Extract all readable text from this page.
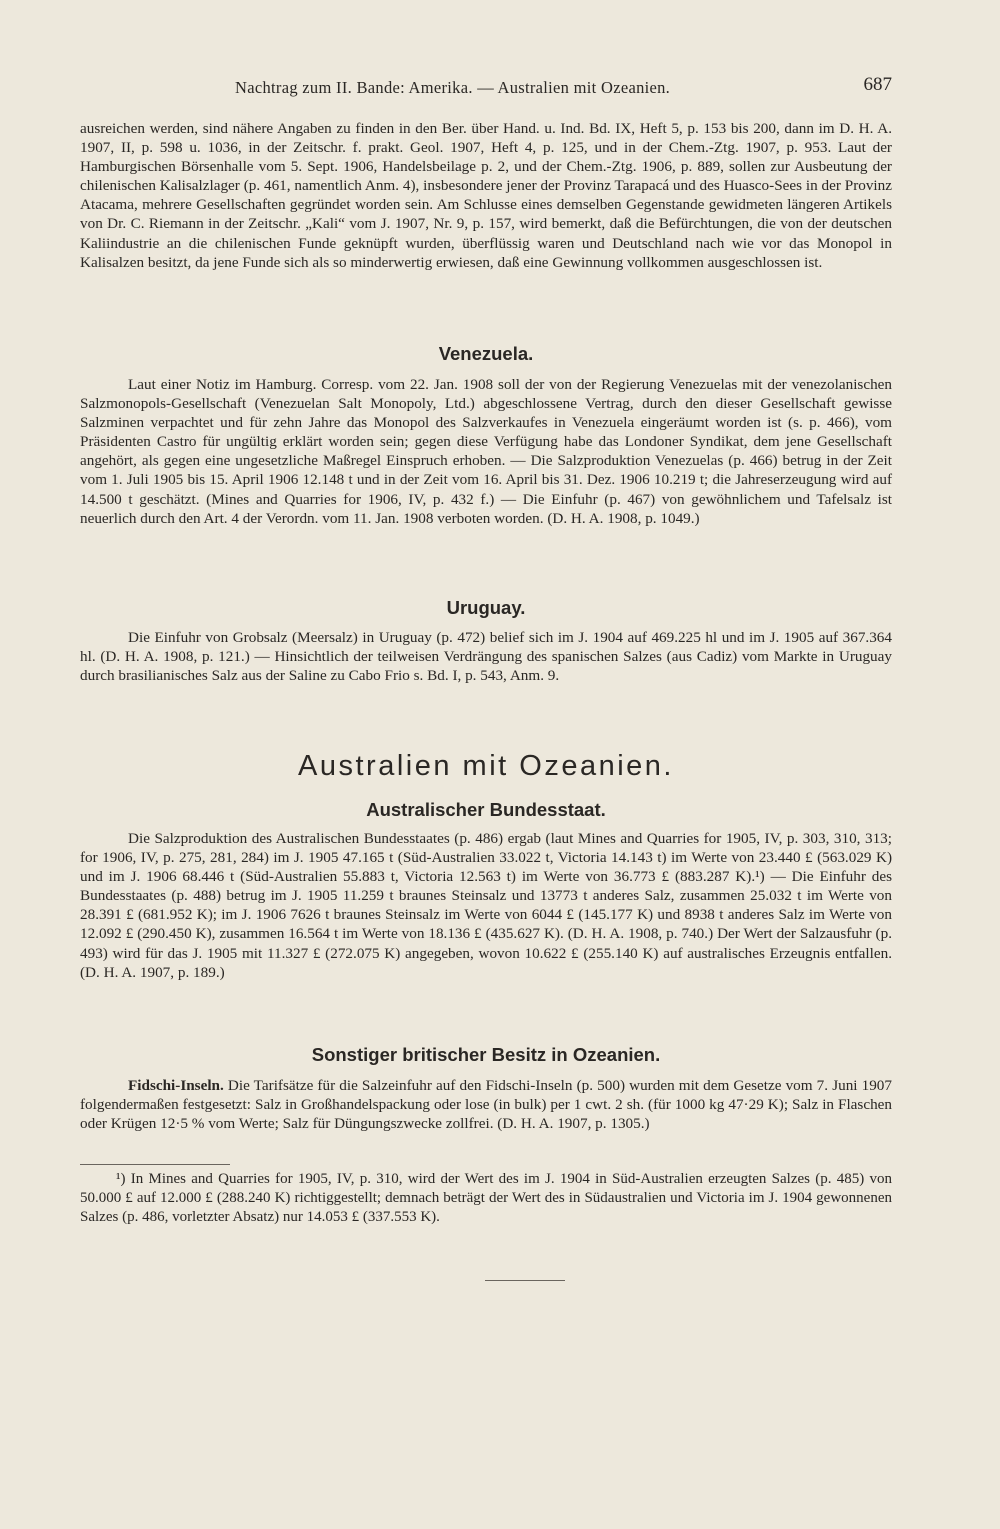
Nachtrag zum II. Bande: Amerika. — Australien mit Ozeanien.	687

ausreichen werden, sind nähere Angaben zu finden in den Ber. über Hand. u. Ind. Bd. IX, Heft 5, p. 153 bis 200, dann im D. H. A. 1907, II, p. 598 u. 1036, in der Zeitschr. f. prakt. Geol. 1907, Heft 4, p. 125, und in der Chem.-Ztg. 1907, p. 953. Laut der Hamburgischen Börsenhalle vom 5. Sept. 1906, Handelsbeilage p. 2, und der Chem.-Ztg. 1906, p. 889, sollen zur Ausbeutung der chilenischen Kalisalzlager (p. 461, namentlich Anm. 4), insbesondere jener der Provinz Tarapacá und des Huasco-Sees in der Provinz Atacama, mehrere Gesellschaften gegründet worden sein. Am Schlusse eines demselben Gegenstande gewidmeten längeren Artikels von Dr. C. Riemann in der Zeitschr. „Kali“ vom J. 1907, Nr. 9, p. 157, wird bemerkt, daß die Befürchtungen, die von der deutschen Kaliindustrie an die chilenischen Funde geknüpft wurden, überflüssig waren und Deutschland nach wie vor das Monopol in Kalisalzen besitzt, da jene Funde sich als so minderwertig erwiesen, daß eine Gewinnung vollkommen ausgeschlossen ist.

Venezuela.

Laut einer Notiz im Hamburg. Corresp. vom 22. Jan. 1908 soll der von der Regierung Venezuelas mit der venezolanischen Salzmonopols-Gesellschaft (Venezuelan Salt Monopoly, Ltd.) abgeschlossene Vertrag, durch den dieser Gesellschaft gewisse Salzminen verpachtet und für zehn Jahre das Monopol des Salzverkaufes in Venezuela eingeräumt worden ist (s. p. 466), vom Präsidenten Castro für ungültig erklärt worden sein; gegen diese Verfügung habe das Londoner Syndikat, dem jene Gesellschaft angehört, als gegen eine ungesetzliche Maßregel Einspruch erhoben. — Die Salzproduktion Venezuelas (p. 466) betrug in der Zeit vom 1. Juli 1905 bis 15. April 1906 12.148 t und in der Zeit vom 16. April bis 31. Dez. 1906 10.219 t; die Jahreserzeugung wird auf 14.500 t geschätzt. (Mines and Quarries for 1906, IV, p. 432 f.) — Die Einfuhr (p. 467) von gewöhnlichem und Tafelsalz ist neuerlich durch den Art. 4 der Verordn. vom 11. Jan. 1908 verboten worden. (D. H. A. 1908, p. 1049.)

Uruguay.

Die Einfuhr von Grobsalz (Meersalz) in Uruguay (p. 472) belief sich im J. 1904 auf 469.225 hl und im J. 1905 auf 367.364 hl. (D. H. A. 1908, p. 121.) — Hinsichtlich der teilweisen Verdrängung des spanischen Salzes (aus Cadiz) vom Markte in Uruguay durch brasilianisches Salz aus der Saline zu Cabo Frio s. Bd. I, p. 543, Anm. 9.

Australien mit Ozeanien.
Australischer Bundesstaat.

Die Salzproduktion des Australischen Bundesstaates (p. 486) ergab (laut Mines and Quarries for 1905, IV, p. 303, 310, 313; for 1906, IV, p. 275, 281, 284) im J. 1905 47.165 t (Süd-Australien 33.022 t, Victoria 14.143 t) im Werte von 23.440 £ (563.029 K) und im J. 1906 68.446 t (Süd-Australien 55.883 t, Victoria 12.563 t) im Werte von 36.773 £ (883.287 K).¹) — Die Einfuhr des Bundesstaates (p. 488) betrug im J. 1905 11.259 t braunes Steinsalz und 13773 t anderes Salz, zusammen 25.032 t im Werte von 28.391 £ (681.952 K); im J. 1906 7626 t braunes Steinsalz im Werte von 6044 £ (145.177 K) und 8938 t anderes Salz im Werte von 12.092 £ (290.450 K), zusammen 16.564 t im Werte von 18.136 £ (435.627 K). (D. H. A. 1908, p. 740.) Der Wert der Salzausfuhr (p. 493) wird für das J. 1905 mit 11.327 £ (272.075 K) angegeben, wovon 10.622 £ (255.140 K) auf australisches Erzeugnis entfallen. (D. H. A. 1907, p. 189.)

Sonstiger britischer Besitz in Ozeanien.

Fidschi-Inseln. Die Tarifsätze für die Salzeinfuhr auf den Fidschi-Inseln (p. 500) wurden mit dem Gesetze vom 7. Juni 1907 folgendermaßen festgesetzt: Salz in Großhandelspackung oder lose (in bulk) per 1 cwt. 2 sh. (für 1000 kg 47·29 K); Salz in Flaschen oder Krügen 12·5 % vom Werte; Salz für Düngungszwecke zollfrei. (D. H. A. 1907, p. 1305.)

¹) In Mines and Quarries for 1905, IV, p. 310, wird der Wert des im J. 1904 in Süd-Australien erzeugten Salzes (p. 485) von 50.000 £ auf 12.000 £ (288.240 K) richtiggestellt; demnach beträgt der Wert des in Südaustralien und Victoria im J. 1904 gewonnenen Salzes (p. 486, vorletzter Absatz) nur 14.053 £ (337.553 K).
